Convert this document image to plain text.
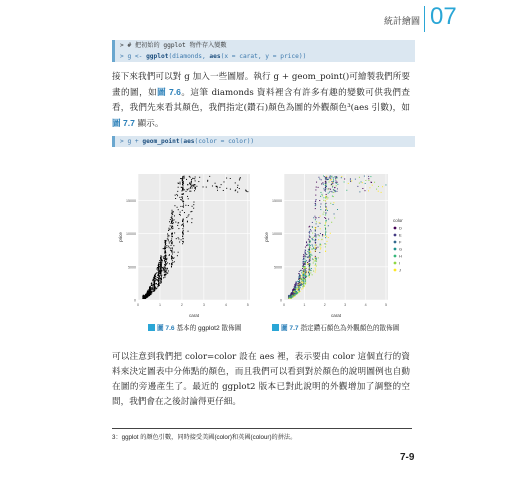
統計繪圖 07
> # 把初始的 ggplot 物件存入變數
> g <- ggplot(diamonds, aes(x = carat, y = price))
接下來我們可以對 g 加入一些圖層。執行 g + geom_point()可繪製我們所要畫的圖，如圖 7.6。這筆 diamonds 資料裡含有許多有趣的變數可供我們查看，我們先來看其顏色，我們指定(鑽石)顏色為圖的外觀顏色³(aes 引數)，如圖 7.7 顯示。
> g + geom_point(aes(color = color))
15000
10000
5000
0
0	1	2	3	4	5
carat
price
圖 7.6 基本的 ggplot2 散佈圖
15000
10000
5000
0
0	1	2	3	4	5
carat
price
color
D
E
F
G
H
I
J
圖 7.7 指定鑽石顏色為外觀顏色的散佈圖
可以注意到我們把 color=color 設在 aes 裡，表示要由 color 這個直行的資料來決定圖表中分佈點的顏色，而且我們可以看到對於顏色的說明圖例也自動在圖的旁邊產生了。最近的 ggplot2 版本已對此說明的外觀增加了調整的空間，我們會在之後討論得更仔細。
3：ggplot 的顏色引數，同時接受美國(color)和英國(colour)的拼法。
7-9
